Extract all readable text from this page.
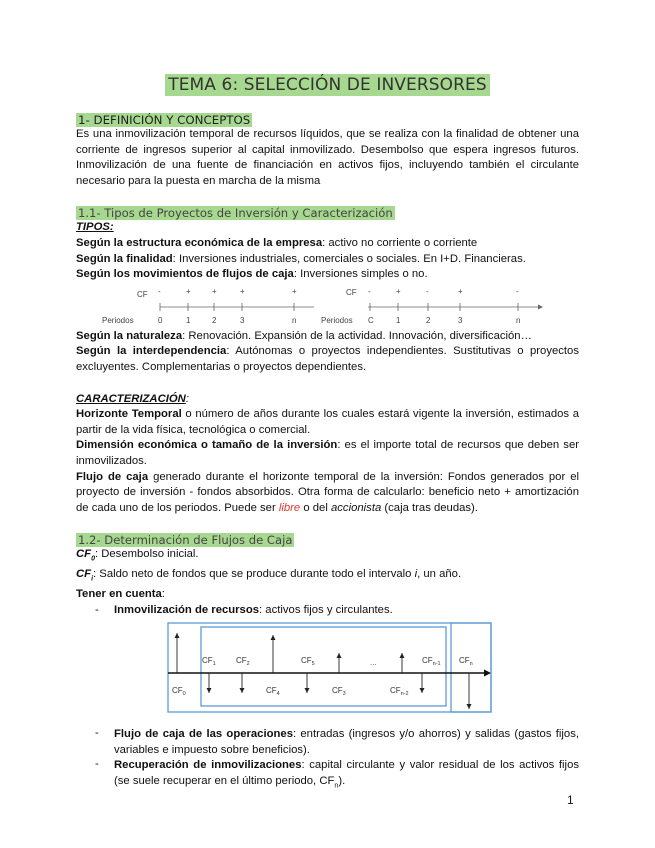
TEMA 6: SELECCIÓN DE INVERSORES
1- DEFINICIÓN Y CONCEPTOS

Es una inmovilización temporal de recursos líquidos, que se realiza con la finalidad de obtener una corriente de ingresos superior al capital inmovilizado. Desembolso que espera ingresos futuros. Inmovilización de una fuente de financiación en activos fijos, incluyendo también el circulante necesario para la puesta en marcha de la misma

1.1- Tipos de Proyectos de Inversión y Caracterización
TIPOS:
Según la estructura económica de la empresa: activo no corriente o corriente
Según la finalidad: Inversiones industriales, comerciales o sociales. En I+D. Financieras.
Según los movimientos de flujos de caja: Inversiones simples o no.
CF -
0
+
1
+
2
+
3
+
n
Periodos
CF -
C
+
1
-
2
+
3
-
n
Periodos
Según la naturaleza: Renovación. Expansión de la actividad. Innovación, diversificación…

Según la interdependencia: Autónomas o proyectos independientes. Sustitutivas o proyectos excluyentes. Complementarias o proyectos dependientes.

CARACTERIZACIÓN:

Horizonte Temporal o número de años durante los cuales estará vigente la inversión, estimados a partir de la vida física, tecnológica o comercial.

Dimensión económica o tamaño de la inversión: es el importe total de recursos que deben ser inmovilizados.

Flujo de caja generado durante el horizonte temporal de la inversión: Fondos generados por el proyecto de inversión - fondos absorbidos. Otra forma de calcularlo: beneficio neto + amortización de cada uno de los periodos. Puede ser libre o del accionista (caja tras deudas).

1.2- Determinación de Flujos de Caja
$CF_0$: Desembolso inicial.
$CF_i$: Saldo neto de fondos que se produce durante todo el intervalo i, un año.
Tener en cuenta:
- Inmovilización de recursos: activos fijos y circulantes.
$CF_0$
$CF_1$	$CF_2$
$CF_4$
$CF_5$
$CF_3$	$CF_{n-2}$
$CF_{n-1}$ $CF_n$
...
- Flujo de caja de las operaciones: entradas (ingresos y/o ahorros) y salidas (gastos fijos, variables e impuesto sobre beneficios).

- Recuperación de inmovilizaciones: capital circulante y valor residual de los activos fijos (se suele recuperar en el último periodo, $CF_n$).

1
